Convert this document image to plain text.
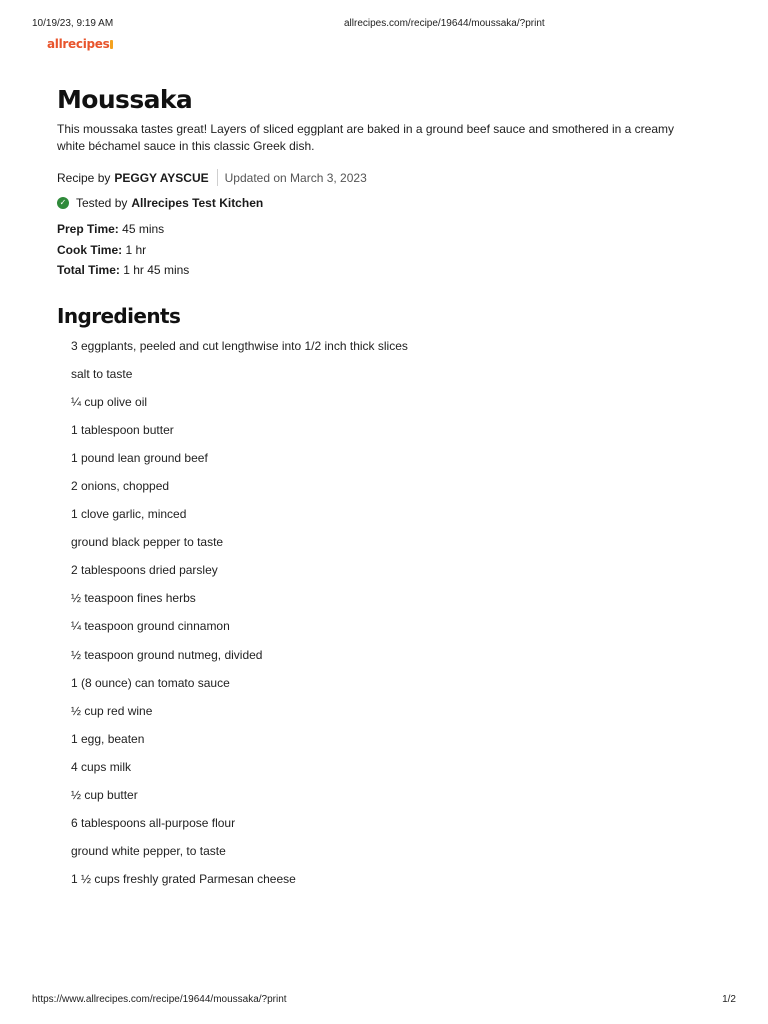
10/19/23, 9:19 AM	allrecipes.com/recipe/19644/moussaka/?print
allrecipes
Moussaka

This moussaka tastes great! Layers of sliced eggplant are baked in a ground beef sauce and smothered in a creamy white béchamel sauce in this classic Greek dish.

Recipe by PEGGY AYSCUE Updated on March 3, 2023
✓ Tested by Allrecipes Test Kitchen
Prep Time: 45 mins
Cook Time: 1 hr
Total Time: 1 hr 45 mins
Ingredients
3 eggplants, peeled and cut lengthwise into 1/2 inch thick slices
salt to taste
¼ cup olive oil
1 tablespoon butter
1 pound lean ground beef
2 onions, chopped
1 clove garlic, minced
ground black pepper to taste
2 tablespoons dried parsley
½ teaspoon fines herbs
¼ teaspoon ground cinnamon
½ teaspoon ground nutmeg, divided
1 (8 ounce) can tomato sauce
½ cup red wine
1 egg, beaten
4 cups milk
½ cup butter
6 tablespoons all-purpose flour
ground white pepper, to taste
1 ½ cups freshly grated Parmesan cheese
https://www.allrecipes.com/recipe/19644/moussaka/?print	1/2
